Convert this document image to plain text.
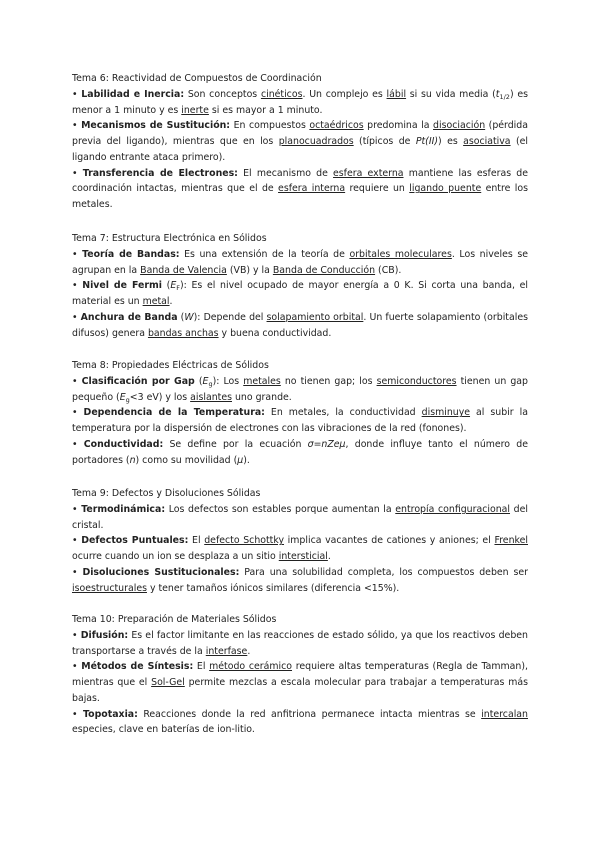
Tema 6: Reactividad de Compuestos de Coordinación

• Labilidad e Inercia: Son conceptos cinéticos. Un complejo es lábil si su vida media $(t_{1/2})$ es menor a 1 minuto y es inerte si es mayor a 1 minuto.

• Mecanismos de Sustitución: En compuestos octaédricos predomina la disociación (pérdida previa del ligando), mientras que en los planocuadrados (típicos de Pt(II)) es asociativa (el ligando entrante ataca primero).

• Transferencia de Electrones: El mecanismo de esfera externa mantiene las esferas de coordinación intactas, mientras que el de esfera interna requiere un ligando puente entre los metales.

Tema 7: Estructura Electrónica en Sólidos

• Teoría de Bandas: Es una extensión de la teoría de orbitales moleculares. Los niveles se agrupan en la Banda de Valencia (VB) y la Banda de Conducción (CB).

• Nivel de Fermi $(E_F)$: Es el nivel ocupado de mayor energía a 0 K. Si corta una banda, el material es un metal.

• Anchura de Banda (W): Depende del solapamiento orbital. Un fuerte solapamiento (orbitales difusos) genera bandas anchas y buena conductividad.

Tema 8: Propiedades Eléctricas de Sólidos

• Clasificación por Gap $(E_g)$: Los metales no tienen gap; los semiconductores tienen un gap pequeño ($E_g<3$ eV) y los aislantes uno grande.

• Dependencia de la Temperatura: En metales, la conductividad disminuye al subir la temperatura por la dispersión de electrones con las vibraciones de la red (fonones).

• Conductividad: Se define por la ecuación σ=nZeμ, donde influye tanto el número de portadores (n) como su movilidad (μ).

Tema 9: Defectos y Disoluciones Sólidas

• Termodinámica: Los defectos son estables porque aumentan la entropía configuracional del cristal.

• Defectos Puntuales: El defecto Schottky implica vacantes de cationes y aniones; el Frenkel ocurre cuando un ion se desplaza a un sitio intersticial.

• Disoluciones Sustitucionales: Para una solubilidad completa, los compuestos deben ser isoestructurales y tener tamaños iónicos similares (diferencia <15%).

Tema 10: Preparación de Materiales Sólidos

• Difusión: Es el factor limitante en las reacciones de estado sólido, ya que los reactivos deben transportarse a través de la interfase.

• Métodos de Síntesis: El método cerámico requiere altas temperaturas (Regla de Tamman), mientras que el Sol-Gel permite mezclas a escala molecular para trabajar a temperaturas más bajas.

• Topotaxia: Reacciones donde la red anfitriona permanece intacta mientras se intercalan especies, clave en baterías de ion-litio.
